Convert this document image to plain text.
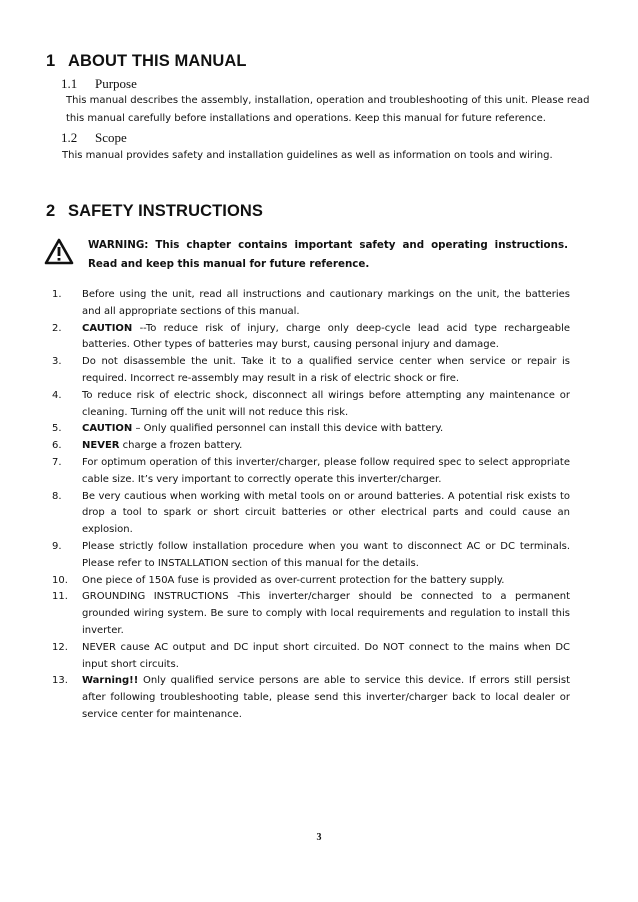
1 ABOUT THIS MANUAL
1.1 Purpose
This manual describes the assembly, installation, operation and troubleshooting of this unit. Please read
this manual carefully before installations and operations. Keep this manual for future reference.
1.2 Scope
This manual provides safety and installation guidelines as well as information on tools and wiring.
2 SAFETY INSTRUCTIONS
WARNING: This chapter contains important safety and operating instructions. Read and keep this manual for future reference.
1. Before using the unit, read all instructions and cautionary markings on the unit, the batteries and all appropriate sections of this manual.
2. CAUTION --To reduce risk of injury, charge only deep-cycle lead acid type rechargeable batteries. Other types of batteries may burst, causing personal injury and damage.
3. Do not disassemble the unit. Take it to a qualified service center when service or repair is required. Incorrect re-assembly may result in a risk of electric shock or fire.
4. To reduce risk of electric shock, disconnect all wirings before attempting any maintenance or cleaning. Turning off the unit will not reduce this risk.
5. CAUTION – Only qualified personnel can install this device with battery.
6. NEVER charge a frozen battery.
7. For optimum operation of this inverter/charger, please follow required spec to select appropriate cable size. It’s very important to correctly operate this inverter/charger.
8. Be very cautious when working with metal tools on or around batteries. A potential risk exists to drop a tool to spark or short circuit batteries or other electrical parts and could cause an explosion.
9. Please strictly follow installation procedure when you want to disconnect AC or DC terminals. Please refer to INSTALLATION section of this manual for the details.
10. One piece of 150A fuse is provided as over-current protection for the battery supply.
11. GROUNDING INSTRUCTIONS -This inverter/charger should be connected to a permanent grounded wiring system. Be sure to comply with local requirements and regulation to install this inverter.
12. NEVER cause AC output and DC input short circuited. Do NOT connect to the mains when DC input short circuits.
13. Warning!! Only qualified service persons are able to service this device. If errors still persist after following troubleshooting table, please send this inverter/charger back to local dealer or service center for maintenance.
3
